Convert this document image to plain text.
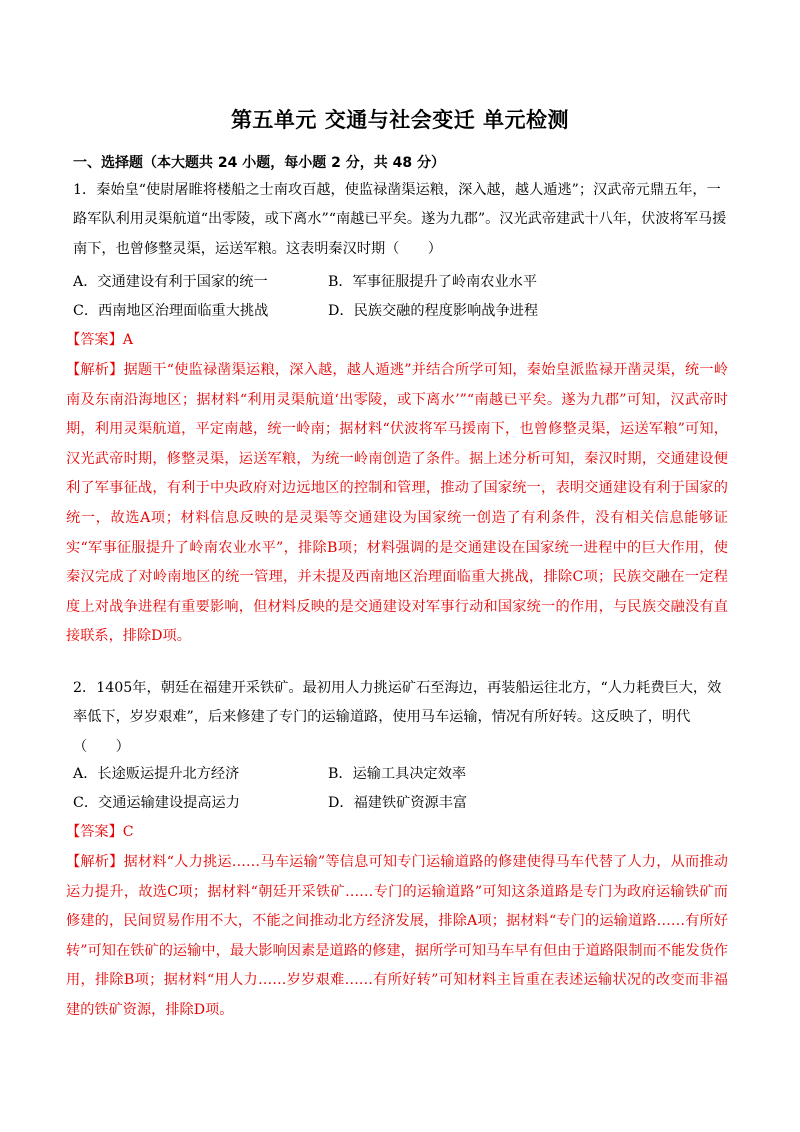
第五单元 交通与社会变迁 单元检测
一、选择题（本大题共 24 小题，每小题 2 分，共 48 分）
1．秦始皇“使尉屠睢将楼船之士南攻百越，使监禄凿渠运粮，深入越，越人遁逃”；汉武帝元鼎五年，一路军队利用灵渠航道“出零陵，或下离水”“南越已平矣。遂为九郡”。汉光武帝建武十八年，伏波将军马援南下，也曾修整灵渠，运送军粮。这表明秦汉时期（　　）
A．交通建设有利于国家的统一	B．军事征服提升了岭南农业水平
C．西南地区治理面临重大挑战	D．民族交融的程度影响战争进程
【答案】A
【解析】据题干“使监禄凿渠运粮，深入越，越人遁逃”并结合所学可知，秦始皇派监禄开凿灵渠，统一岭南及东南沿海地区；据材料“利用灵渠航道‘出零陵，或下离水’”“南越已平矣。遂为九郡”可知，汉武帝时期，利用灵渠航道，平定南越，统一岭南；据材料“伏波将军马援南下，也曾修整灵渠，运送军粮”可知，汉光武帝时期，修整灵渠，运送军粮，为统一岭南创造了条件。据上述分析可知，秦汉时期，交通建设便利了军事征战，有利于中央政府对边远地区的控制和管理，推动了国家统一，表明交通建设有利于国家的统一，故选A项；材料信息反映的是灵渠等交通建设为国家统一创造了有利条件，没有相关信息能够证实“军事征服提升了岭南农业水平”，排除B项；材料强调的是交通建设在国家统一进程中的巨大作用，使秦汉完成了对岭南地区的统一管理，并未提及西南地区治理面临重大挑战，排除C项；民族交融在一定程度上对战争进程有重要影响，但材料反映的是交通建设对军事行动和国家统一的作用，与民族交融没有直接联系，排除D项。
2．1405年，朝廷在福建开采铁矿。最初用人力挑运矿石至海边，再装船运往北方，“人力耗费巨大，效率低下，岁岁艰难”，后来修建了专门的运输道路，使用马车运输，情况有所好转。这反映了，明代（　　）
A．长途贩运提升北方经济	B．运输工具决定效率
C．交通运输建设提高运力	D．福建铁矿资源丰富
【答案】C
【解析】据材料“人力挑运……马车运输”等信息可知专门运输道路的修建使得马车代替了人力，从而推动运力提升，故选C项；据材料“朝廷开采铁矿……专门的运输道路”可知这条道路是专门为政府运输铁矿而修建的，民间贸易作用不大，不能之间推动北方经济发展，排除A项；据材料“专门的运输道路……有所好转”可知在铁矿的运输中，最大影响因素是道路的修建，据所学可知马车早有但由于道路限制而不能发货作用，排除B项；据材料“用人力……岁岁艰难……有所好转”可知材料主旨重在表述运输状况的改变而非福建的铁矿资源，排除D项。
